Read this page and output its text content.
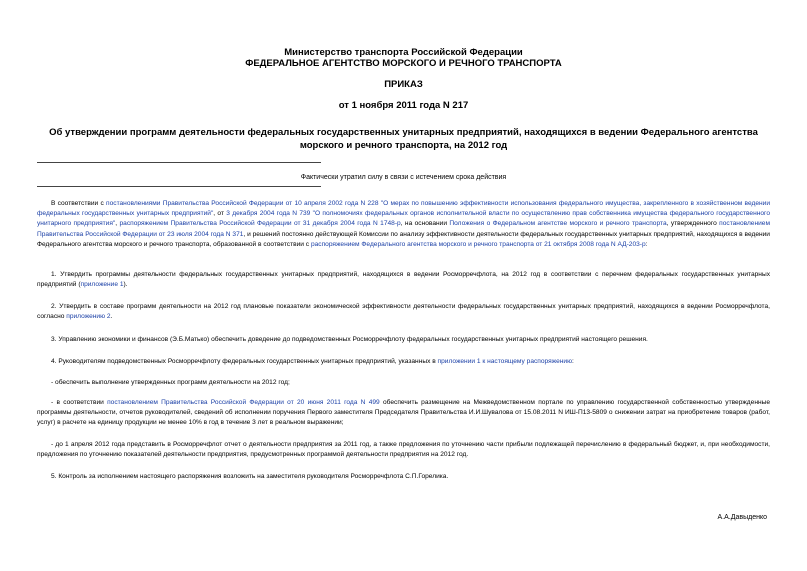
Министерство транспорта Российской Федерации
ФЕДЕРАЛЬНОЕ АГЕНТСТВО МОРСКОГО И РЕЧНОГО ТРАНСПОРТА
ПРИКАЗ
от 1 ноября 2011 года N 217
Об утверждении программ деятельности федеральных государственных унитарных предприятий, находящихся в ведении Федерального агентства морского и речного транспорта, на 2012 год
Фактически утратил силу в связи с истечением срока действия

В соответствии с постановлениями Правительства Российской Федерации от 10 апреля 2002 года N 228 "О мерах по повышению эффективности использования федерального имущества, закрепленного в хозяйственном ведении федеральных государственных унитарных предприятий", от 3 декабря 2004 года N 739 "О полномочиях федеральных органов исполнительной власти по осуществлению прав собственника имущества федерального государственного унитарного предприятия", распоряжением Правительства Российской Федерации от 31 декабря 2004 года N 1748-р, на основании Положения о Федеральном агентстве морского и речного транспорта, утвержденного постановлением Правительства Российской Федерации от 23 июля 2004 года N 371, и решений постоянно действующей Комиссии по анализу эффективности деятельности федеральных государственных унитарных предприятий, находящихся в ведении Федерального агентства морского и речного транспорта, образованной в соответствии с распоряжением Федерального агентства морского и речного транспорта от 21 октября 2008 года N АД-203-р:

1. Утвердить программы деятельности федеральных государственных унитарных предприятий, находящихся в ведении Росморречфлота, на 2012 год в соответствии с перечнем федеральных государственных унитарных предприятий (приложение 1).

2. Утвердить в составе программ деятельности на 2012 год плановые показатели экономической эффективности деятельности федеральных государственных унитарных предприятий, находящихся в ведении Росморречфлота, согласно приложению 2.

3. Управлению экономики и финансов (Э.Б.Матько) обеспечить доведение до подведомственных Росморречфлоту федеральных государственных унитарных предприятий настоящего решения.

4. Руководителям подведомственных Росморречфлоту федеральных государственных унитарных предприятий, указанных в приложении 1 к настоящему распоряжению:

- обеспечить выполнение утвержденных программ деятельности на 2012 год;

- в соответствии постановлением Правительства Российской Федерации от 20 июня 2011 года N 499 обеспечить размещение на Межведомственном портале по управлению государственной собственностью утвержденные программы деятельности, отчетов руководителей, сведений об исполнении поручения Первого заместителя Председателя Правительства И.И.Шувалова от 15.08.2011 N ИШ-П13-5809 о снижении затрат на приобретение товаров (работ, услуг) в расчете на единицу продукции не менее 10% в год в течение 3 лет в реальном выражении;

- до 1 апреля 2012 года представить в Росморречфлот отчет о деятельности предприятия за 2011 год, а также предложения по уточнению части прибыли подлежащей перечислению в федеральный бюджет, и, при необходимости, предложения по уточнению показателей деятельности предприятия, предусмотренных программой деятельности предприятия на 2012 год.

5. Контроль за исполнением настоящего распоряжения возложить на заместителя руководителя Росморречфлота С.П.Горелика.

А.А.Давыденко
